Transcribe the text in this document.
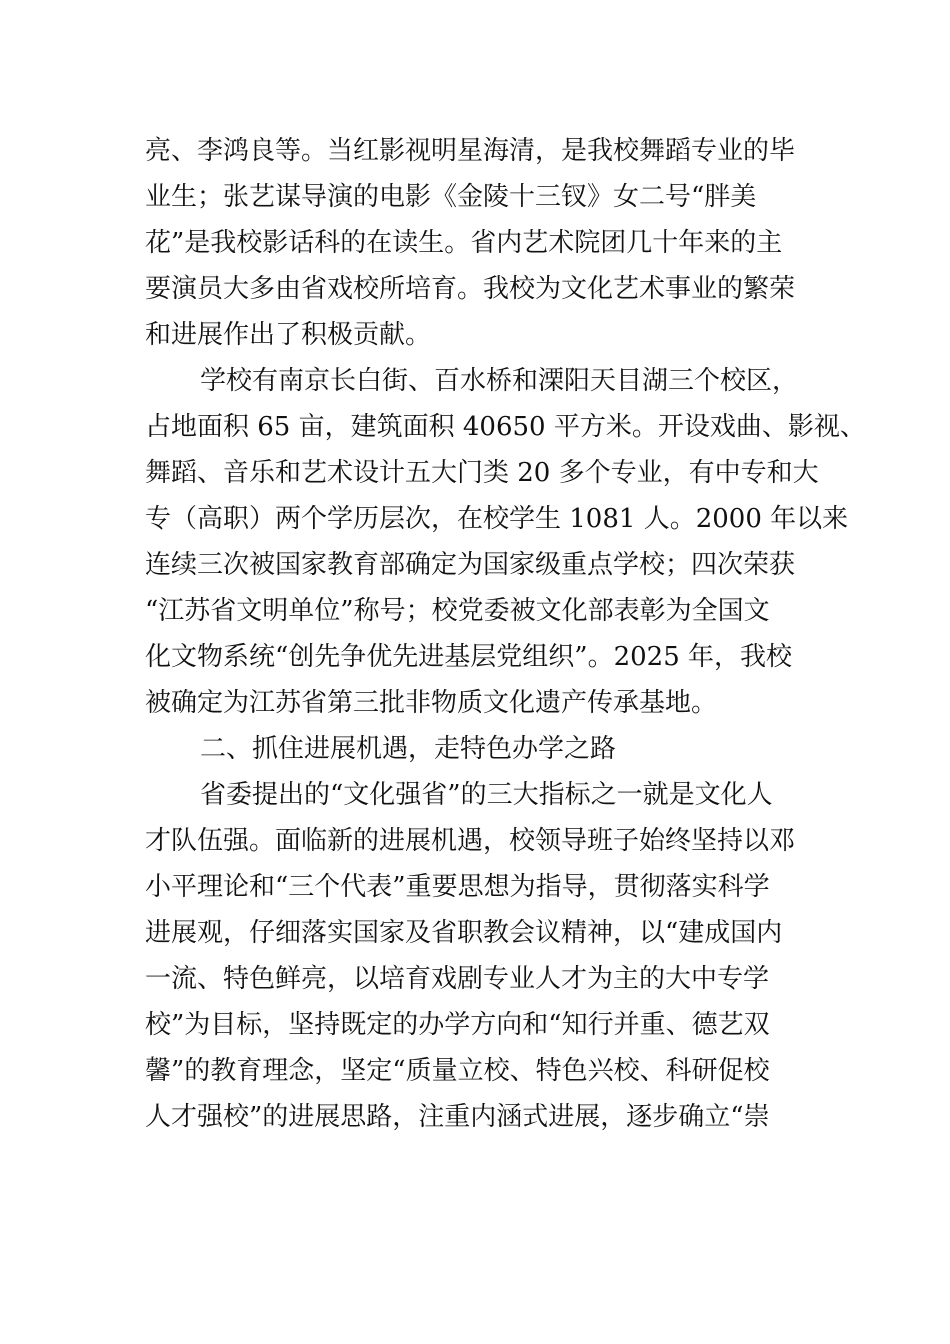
亮、李鸿良等。当红影视明星海清，是我校舞蹈专业的毕
业生；张艺谋导演的电影《金陵十三钗》女二号“胖美
花”是我校影话科的在读生。省内艺术院团几十年来的主
要演员大多由省戏校所培育。我校为文化艺术事业的繁荣
和进展作出了积极贡献。
学校有南京长白街、百水桥和溧阳天目湖三个校区，
占地面积 65 亩，建筑面积 40650 平方米。开设戏曲、影视、
舞蹈、音乐和艺术设计五大门类 20 多个专业，有中专和大
专（高职）两个学历层次，在校学生 1081 人。2000 年以来
连续三次被国家教育部确定为国家级重点学校；四次荣获
“江苏省文明单位”称号；校党委被文化部表彰为全国文
化文物系统“创先争优先进基层党组织”。2025 年，我校
被确定为江苏省第三批非物质文化遗产传承基地。
二、抓住进展机遇，走特色办学之路
省委提出的“文化强省”的三大指标之一就是文化人
才队伍强。面临新的进展机遇，校领导班子始终坚持以邓
小平理论和“三个代表”重要思想为指导，贯彻落实科学
进展观，仔细落实国家及省职教会议精神，以“建成国内
一流、特色鲜亮，以培育戏剧专业人才为主的大中专学
校”为目标，坚持既定的办学方向和“知行并重、德艺双
馨”的教育理念，坚定“质量立校、特色兴校、科研促校
人才强校”的进展思路，注重内涵式进展，逐步确立“崇
